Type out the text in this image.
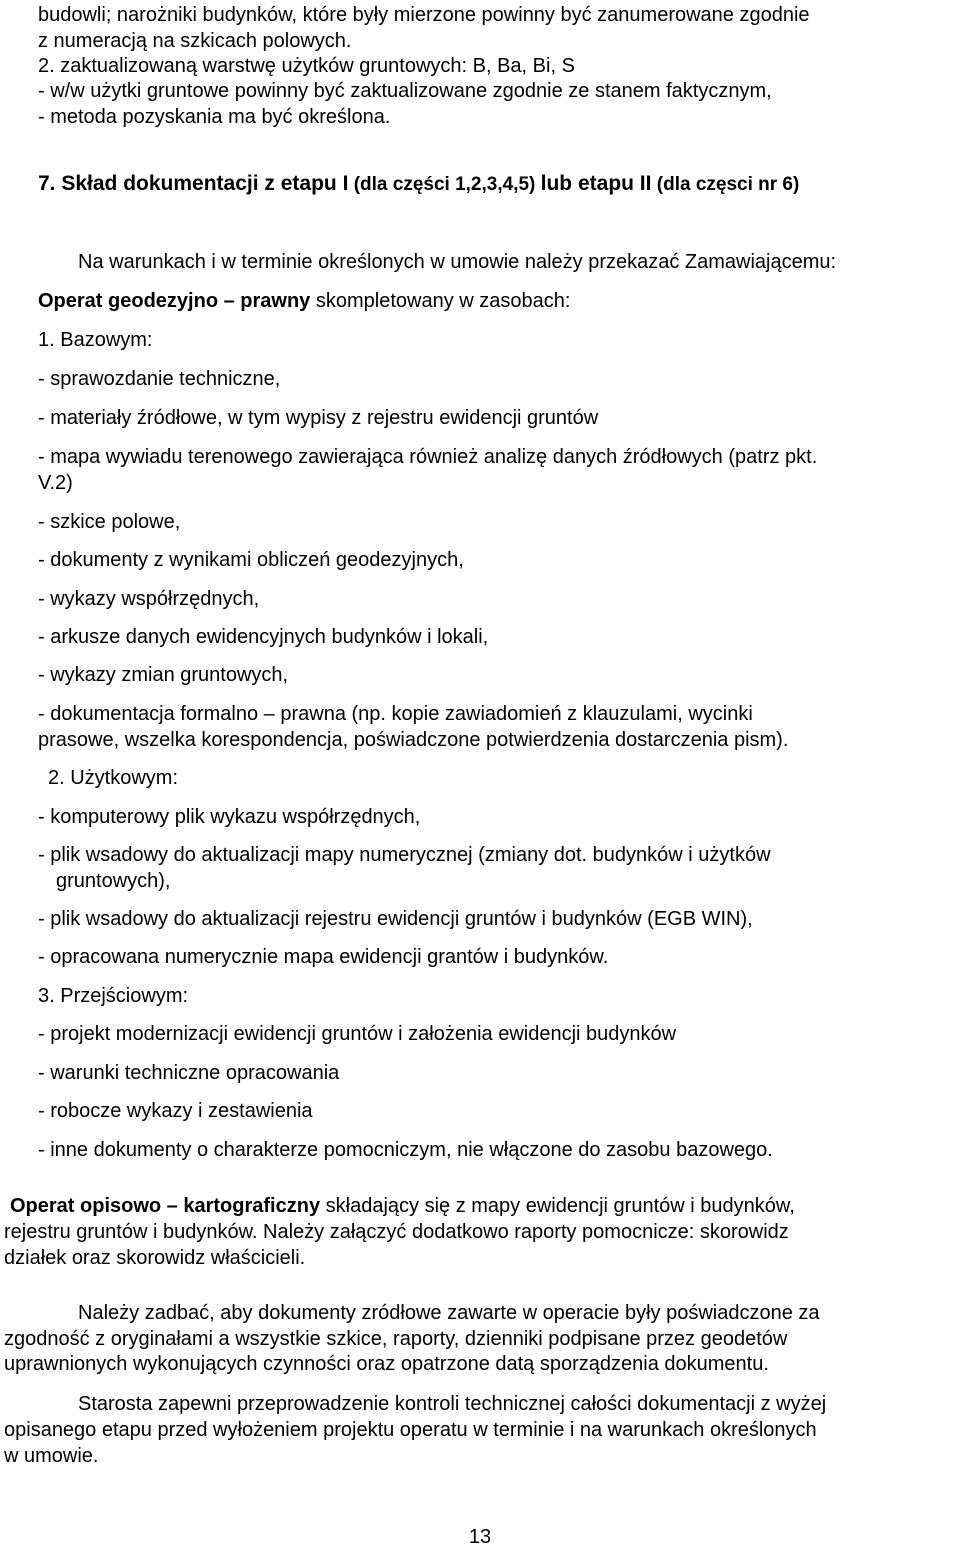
budowli; narożniki budynków, które były mierzone powinny być zanumerowane zgodnie
z numeracją na szkicach polowych.
2. zaktualizowaną warstwę użytków gruntowych: B, Ba, Bi, S
- w/w użytki gruntowe powinny być zaktualizowane zgodnie ze stanem faktycznym,
- metoda pozyskania ma być określona.
7. Skład dokumentacji z etapu I (dla części 1,2,3,4,5) lub etapu II (dla częsci nr 6)
Na warunkach i w terminie określonych w umowie należy przekazać Zamawiającemu:
Operat geodezyjno – prawny skompletowany w zasobach:
1. Bazowym:
- sprawozdanie techniczne,
- materiały źródłowe, w tym wypisy z rejestru ewidencji gruntów
- mapa wywiadu terenowego zawierająca również analizę danych źródłowych (patrz pkt.
V.2)
- szkice polowe,
- dokumenty z wynikami obliczeń geodezyjnych,
- wykazy współrzędnych,
- arkusze danych ewidencyjnych budynków i lokali,
- wykazy zmian gruntowych,
- dokumentacja formalno – prawna (np. kopie zawiadomień z klauzulami, wycinki
prasowe, wszelka korespondencja, poświadczone potwierdzenia dostarczenia pism).
2. Użytkowym:
- komputerowy plik wykazu współrzędnych,
- plik wsadowy do aktualizacji mapy numerycznej (zmiany dot. budynków i użytków
gruntowych),
- plik wsadowy do aktualizacji rejestru ewidencji gruntów i budynków (EGB WIN),
- opracowana numerycznie mapa ewidencji grantów i budynków.
3. Przejściowym:
- projekt modernizacji ewidencji gruntów i założenia ewidencji budynków
- warunki techniczne opracowania
- robocze wykazy i zestawienia
- inne dokumenty o charakterze pomocniczym, nie włączone do zasobu bazowego.
Operat opisowo – kartograficzny składający się z mapy ewidencji gruntów i budynków,
rejestru gruntów i budynków. Należy załączyć dodatkowo raporty pomocnicze: skorowidz
działek oraz skorowidz właścicieli.
Należy zadbać, aby dokumenty zródłowe zawarte w operacie były poświadczone za
zgodność z oryginałami a wszystkie szkice, raporty, dzienniki podpisane przez geodetów
uprawnionych wykonujących czynności oraz opatrzone datą sporządzenia dokumentu.
Starosta zapewni przeprowadzenie kontroli technicznej całości dokumentacji z wyżej
opisanego etapu przed wyłożeniem projektu operatu w terminie i na warunkach określonych
w umowie.
13
